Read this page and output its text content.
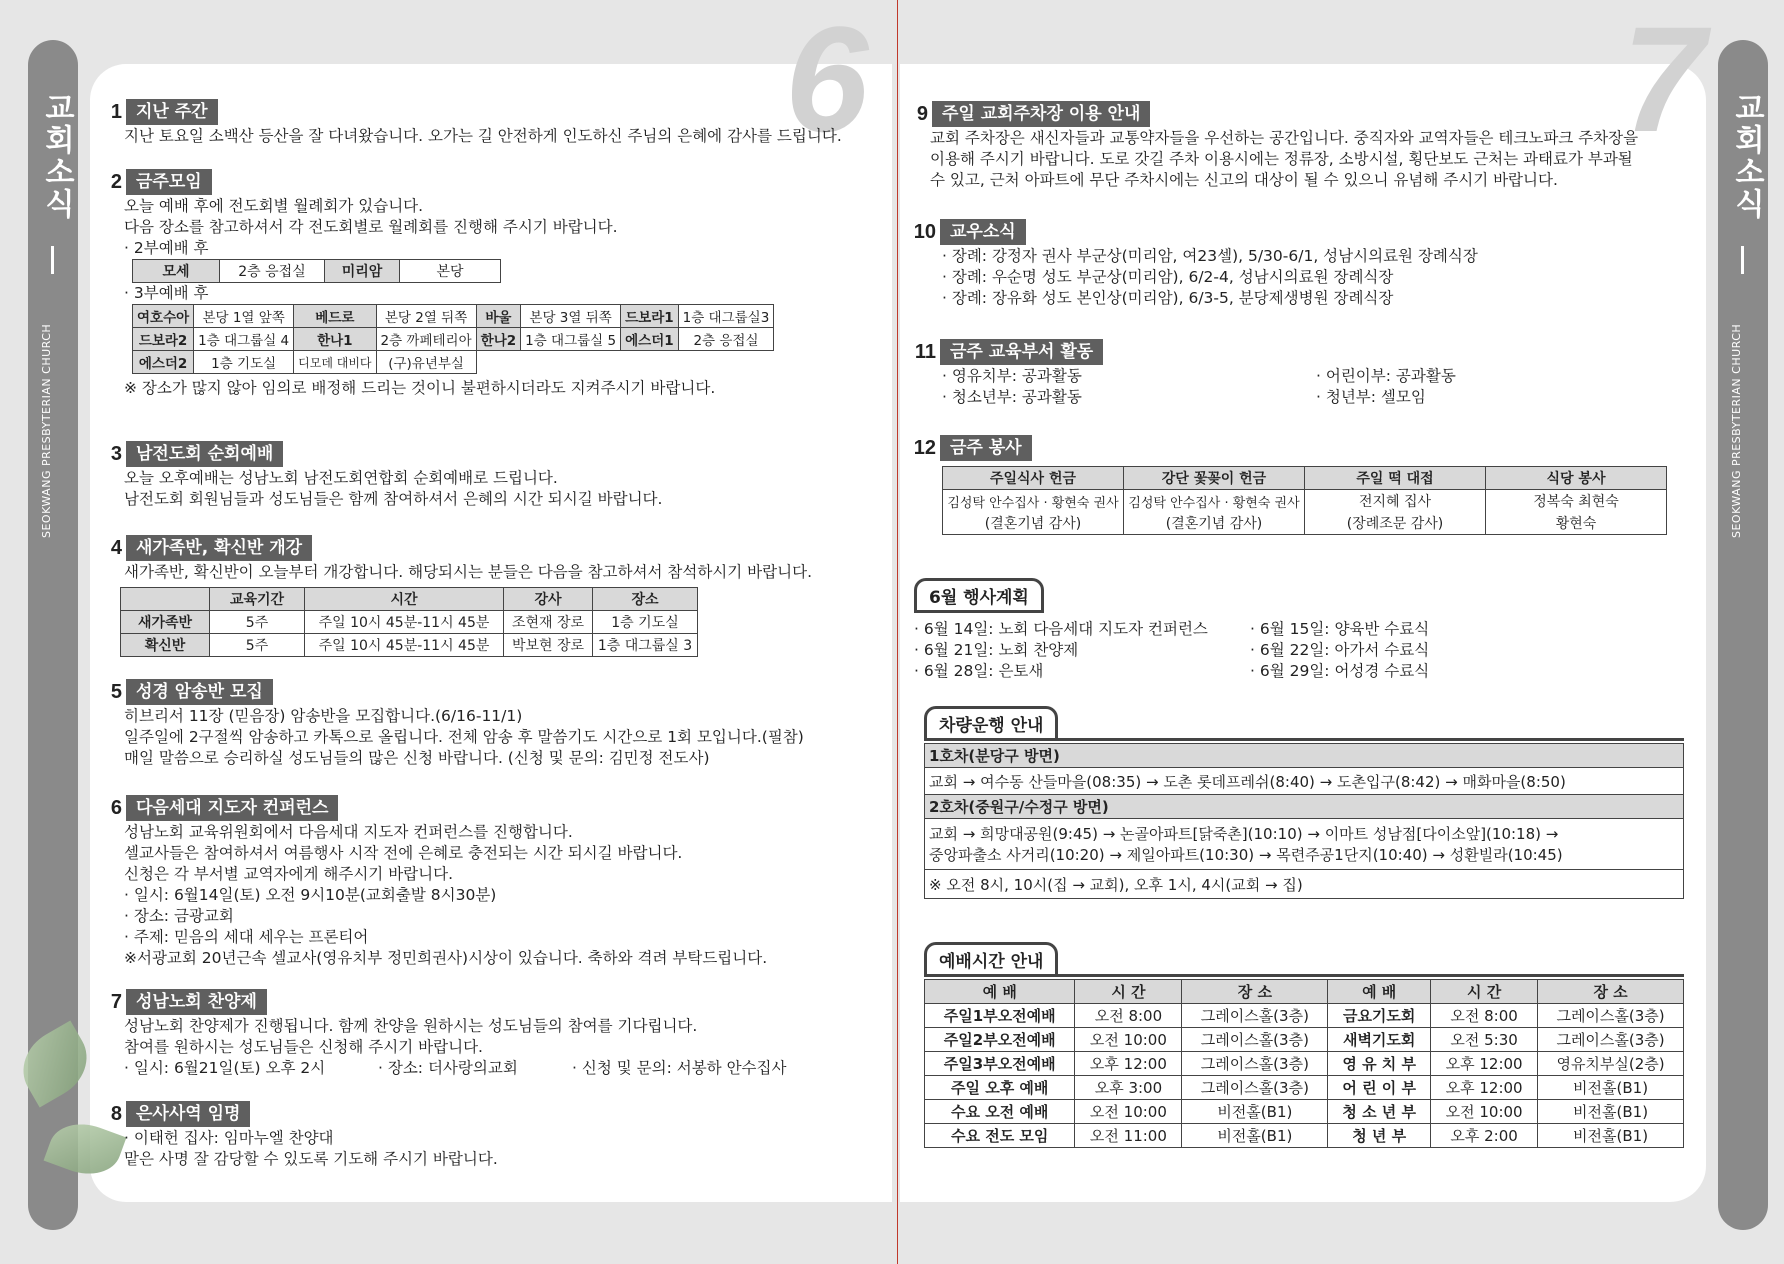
교회소식
SEOKWANG PRESBYTERIAN CHURCH
교회소식
SEOKWANG PRESBYTERIAN CHURCH
6
1 지난 주간
지난 토요일 소백산 등산을 잘 다녀왔습니다. 오가는 길 안전하게 인도하신 주님의 은혜에 감사를 드립니다.
2 금주모임
오늘 예배 후에 전도회별 월례회가 있습니다.
다음 장소를 참고하셔서 각 전도회별로 월례회를 진행해 주시기 바랍니다.
· 2부예배 후
모세	2층 응접실	미리암	본당
· 3부예배 후
여호수아	본당 1열 앞쪽	베드로	본당 2열 뒤쪽	바울	본당 3열 뒤쪽	드보라1	1층 대그룹실3
드보라2	1층 대그룹실 4	한나1	2층 까페테리아	한나2	1층 대그룹실 5	에스더1	2층 응접실
에스더2	1층 기도실	디모데 대비다	(구)유년부실				
※ 장소가 많지 않아 임의로 배정해 드리는 것이니 불편하시더라도 지켜주시기 바랍니다.
3 남전도회 순회예배
오늘 오후예배는 성남노회 남전도회연합회 순회예배로 드립니다.
남전도회 회원님들과 성도님들은 함께 참여하셔서 은혜의 시간 되시길 바랍니다.
4 새가족반, 확신반 개강
새가족반, 확신반이 오늘부터 개강합니다. 해당되시는 분들은 다음을 참고하셔서 참석하시기 바랍니다.
	교육기간	시간	강사	장소
새가족반	5주	주일 10시 45분-11시 45분	조현재 장로	1층 기도실
확신반	5주	주일 10시 45분-11시 45분	박보현 장로	1층 대그룹실 3
5 성경 암송반 모집
히브리서 11장 (믿음장) 암송반을 모집합니다.(6/16-11/1)
일주일에 2구절씩 암송하고 카톡으로 올립니다. 전체 암송 후 말씀기도 시간으로 1회 모입니다.(필참)
매일 말씀으로 승리하실 성도님들의 많은 신청 바랍니다. (신청 및 문의: 김민정 전도사)
6 다음세대 지도자 컨퍼런스
성남노회 교육위원회에서 다음세대 지도자 컨퍼런스를 진행합니다.
셀교사들은 참여하셔서 여름행사 시작 전에 은혜로 충전되는 시간 되시길 바랍니다.
신청은 각 부서별 교역자에게 해주시기 바랍니다.
· 일시: 6월14일(토) 오전 9시10분(교회출발 8시30분)
· 장소: 금광교회
· 주제: 믿음의 세대 세우는 프론티어
※서광교회 20년근속 셀교사(영유치부 정민희권사)시상이 있습니다. 축하와 격려 부탁드립니다.
7 성남노회 찬양제
성남노회 찬양제가 진행됩니다. 함께 찬양을 원하시는 성도님들의 참여를 기다립니다.
참여를 원하시는 성도님들은 신청해 주시기 바랍니다.
· 일시: 6월21일(토) 오후 2시	· 장소: 더사랑의교회	· 신청 및 문의: 서봉하 안수집사
8 은사사역 임명
· 이태헌 집사: 임마누엘 찬양대
맡은 사명 잘 감당할 수 있도록 기도해 주시기 바랍니다.
7
9 주일 교회주차장 이용 안내
교회 주차장은 새신자들과 교통약자들을 우선하는 공간입니다. 중직자와 교역자들은 테크노파크 주차장을
이용해 주시기 바랍니다. 도로 갓길 주차 이용시에는 정류장, 소방시설, 횡단보도 근처는 과태료가 부과될
수 있고, 근처 아파트에 무단 주차시에는 신고의 대상이 될 수 있으니 유념해 주시기 바랍니다.
10 교우소식
· 장례: 강정자 권사 부군상(미리암, 여23셀), 5/30-6/1, 성남시의료원 장례식장
· 장례: 우순명 성도 부군상(미리암), 6/2-4, 성남시의료원 장례식장
· 장례: 장유화 성도 본인상(미리암), 6/3-5, 분당제생병원 장례식장
11 금주 교육부서 활동
· 영유치부: 공과활동
· 청소년부: 공과활동
· 어린이부: 공과활동
· 청년부: 셀모임
12 금주 봉사
주일식사 헌금	강단 꽃꽂이 헌금	주일 떡 대접	식당 봉사
김성탁 안수집사 · 황현숙 권사	김성탁 안수집사 · 황현숙 권사	전지혜 집사	정복숙 최현숙
(결혼기념 감사)	(결혼기념 감사)	(장례조문 감사)	황현숙
6월 행사계획
· 6월 14일: 노회 다음세대 지도자 컨퍼런스
· 6월 21일: 노회 찬양제
· 6월 28일: 은토새
· 6월 15일: 양육반 수료식
· 6월 22일: 아가서 수료식
· 6월 29일: 어성경 수료식
차량운행 안내
1호차(분당구 방면)
교회 → 여수동 산들마을(08:35) → 도촌 롯데프레쉬(8:40) → 도촌입구(8:42) → 매화마을(8:50)
2호차(중원구/수정구 방면)

교회 → 희망대공원(9:45) → 논골아파트[닭죽촌](10:10) → 이마트 성남점[다이소앞](10:18) →
중앙파출소 사거리(10:20) → 제일아파트(10:30) → 목련주공1단지(10:40) → 성환빌라(10:45)

※ 오전 8시, 10시(집 → 교회), 오후 1시, 4시(교회 → 집)
예배시간 안내
예 배	시 간	장 소	예 배	시 간	장 소
주일1부오전예배	오전 8:00	그레이스홀(3층)	금요기도회	오전 8:00	그레이스홀(3층)
주일2부오전예배	오전 10:00	그레이스홀(3층)	새벽기도회	오전 5:30	그레이스홀(3층)
주일3부오전예배	오후 12:00	그레이스홀(3층)	영 유 치 부	오후 12:00	영유치부실(2층)
주일 오후 예배	오후 3:00	그레이스홀(3층)	어 린 이 부	오후 12:00	비전홀(B1)
수요 오전 예배	오전 10:00	비전홀(B1)	청 소 년 부	오전 10:00	비전홀(B1)
수요 전도 모임	오전 11:00	비전홀(B1)	청 년 부	오후 2:00	비전홀(B1)
